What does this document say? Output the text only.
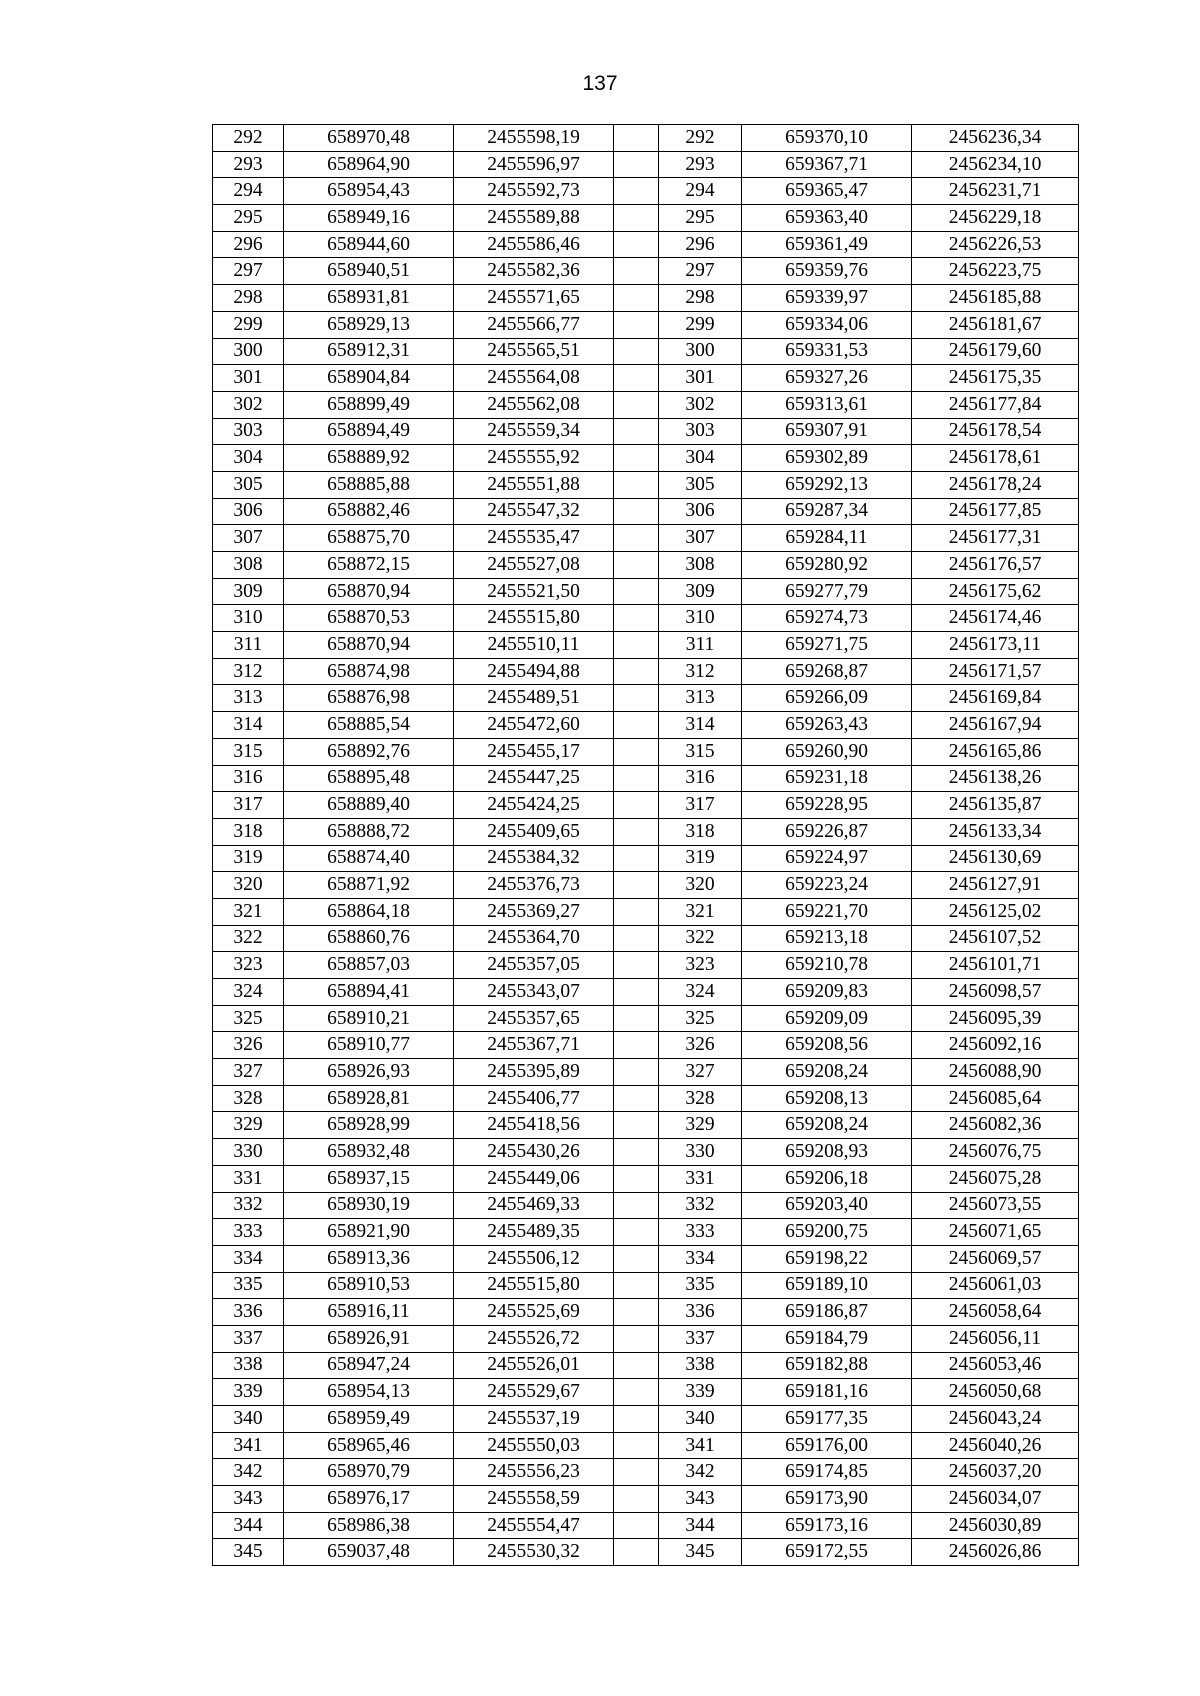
137
292	658970,48	2455598,19		292	659370,10	2456236,34
293	658964,90	2455596,97		293	659367,71	2456234,10
294	658954,43	2455592,73		294	659365,47	2456231,71
295	658949,16	2455589,88		295	659363,40	2456229,18
296	658944,60	2455586,46		296	659361,49	2456226,53
297	658940,51	2455582,36		297	659359,76	2456223,75
298	658931,81	2455571,65		298	659339,97	2456185,88
299	658929,13	2455566,77		299	659334,06	2456181,67
300	658912,31	2455565,51		300	659331,53	2456179,60
301	658904,84	2455564,08		301	659327,26	2456175,35
302	658899,49	2455562,08		302	659313,61	2456177,84
303	658894,49	2455559,34		303	659307,91	2456178,54
304	658889,92	2455555,92		304	659302,89	2456178,61
305	658885,88	2455551,88		305	659292,13	2456178,24
306	658882,46	2455547,32		306	659287,34	2456177,85
307	658875,70	2455535,47		307	659284,11	2456177,31
308	658872,15	2455527,08		308	659280,92	2456176,57
309	658870,94	2455521,50		309	659277,79	2456175,62
310	658870,53	2455515,80		310	659274,73	2456174,46
311	658870,94	2455510,11		311	659271,75	2456173,11
312	658874,98	2455494,88		312	659268,87	2456171,57
313	658876,98	2455489,51		313	659266,09	2456169,84
314	658885,54	2455472,60		314	659263,43	2456167,94
315	658892,76	2455455,17		315	659260,90	2456165,86
316	658895,48	2455447,25		316	659231,18	2456138,26
317	658889,40	2455424,25		317	659228,95	2456135,87
318	658888,72	2455409,65		318	659226,87	2456133,34
319	658874,40	2455384,32		319	659224,97	2456130,69
320	658871,92	2455376,73		320	659223,24	2456127,91
321	658864,18	2455369,27		321	659221,70	2456125,02
322	658860,76	2455364,70		322	659213,18	2456107,52
323	658857,03	2455357,05		323	659210,78	2456101,71
324	658894,41	2455343,07		324	659209,83	2456098,57
325	658910,21	2455357,65		325	659209,09	2456095,39
326	658910,77	2455367,71		326	659208,56	2456092,16
327	658926,93	2455395,89		327	659208,24	2456088,90
328	658928,81	2455406,77		328	659208,13	2456085,64
329	658928,99	2455418,56		329	659208,24	2456082,36
330	658932,48	2455430,26		330	659208,93	2456076,75
331	658937,15	2455449,06		331	659206,18	2456075,28
332	658930,19	2455469,33		332	659203,40	2456073,55
333	658921,90	2455489,35		333	659200,75	2456071,65
334	658913,36	2455506,12		334	659198,22	2456069,57
335	658910,53	2455515,80		335	659189,10	2456061,03
336	658916,11	2455525,69		336	659186,87	2456058,64
337	658926,91	2455526,72		337	659184,79	2456056,11
338	658947,24	2455526,01		338	659182,88	2456053,46
339	658954,13	2455529,67		339	659181,16	2456050,68
340	658959,49	2455537,19		340	659177,35	2456043,24
341	658965,46	2455550,03		341	659176,00	2456040,26
342	658970,79	2455556,23		342	659174,85	2456037,20
343	658976,17	2455558,59		343	659173,90	2456034,07
344	658986,38	2455554,47		344	659173,16	2456030,89
345	659037,48	2455530,32		345	659172,55	2456026,86
